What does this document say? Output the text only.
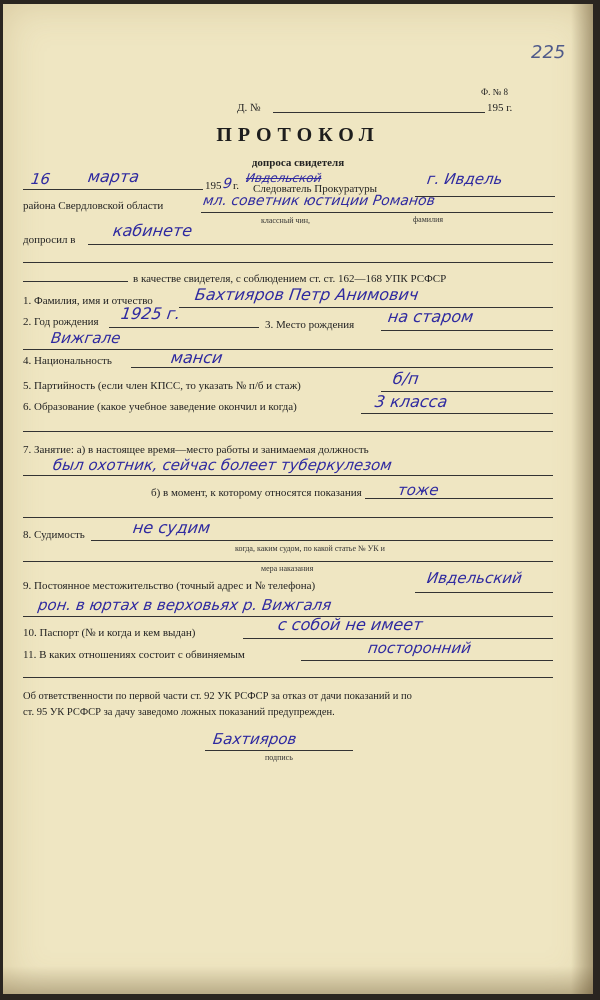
225
Ф. № 8
Д. №	195 г.
ПРОТОКОЛ
допроса свидетеля
16 марта	195 9 г.
Ивдельской
Следователь Прокуратуры
г. Ивдель
района Свердловской области	мл. советник юстиции Романов
классный чин,	фамилия
допросил в кабинете
в качестве свидетеля, с соблюдением ст. ст. 162—168 УПК РСФСР
1. Фамилия, имя и отчество	Бахтияров Петр Анимович
2. Год рождения 1925 г.
3. Место рождения на старом
Вижгале
4. Национальность	манси
5. Партийность (если член КПСС, то указать № п/б и стаж)	б/п
6. Образование (какое учебное заведение окончил и когда)	3 класса
7. Занятие: а) в настоящее время—место работы и занимаемая должность
был охотник, сейчас болеет туберкулезом
б) в момент, к которому относятся показания тоже
8. Судимость	не судим
когда, каким судом, по какой статье № УК и
мера наказания
9. Постоянное местожительство (точный адрес и № телефона)	Ивдельский
рон. в юртах в верховьях р. Вижгаля
10. Паспорт (№ и когда и кем выдан)	с собой не имеет
11. В каких отношениях состоит с обвиняемым	посторонний
Об ответственности по первой части ст. 92 УК РСФСР за отказ от дачи показаний и по
ст. 95 УК РСФСР за дачу заведомо ложных показаний предупрежден.
Бахтияров
подпись
